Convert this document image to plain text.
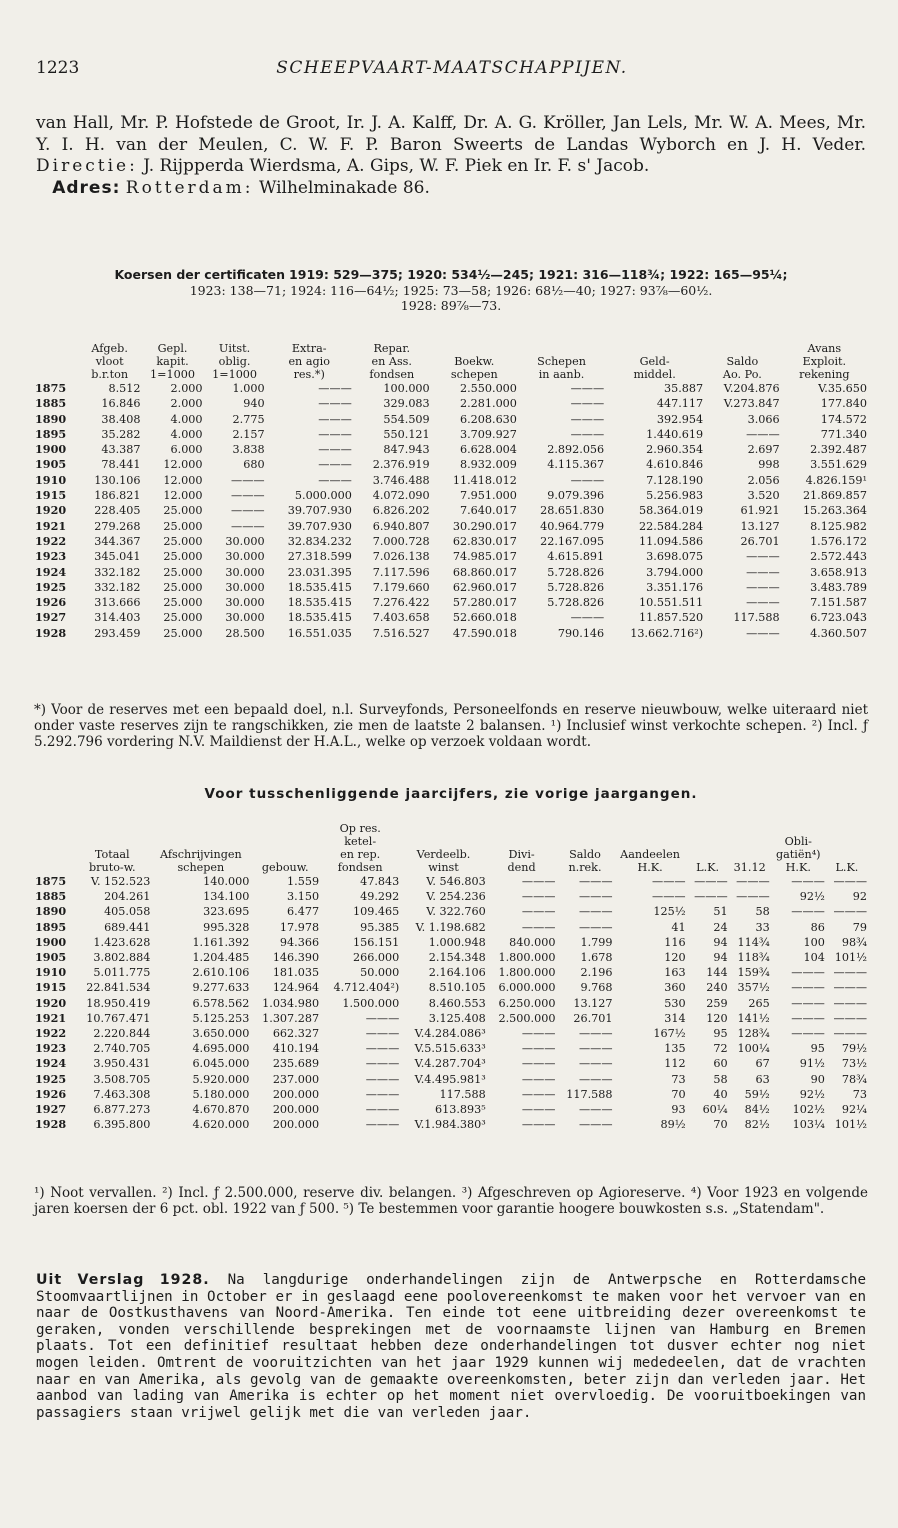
1223	SCHEEPVAART-MAATSCHAPPIJEN.

van Hall, Mr. P. Hofstede de Groot, Ir. J. A. Kalff, Dr. A. G. Kröller, Jan Lels, Mr. W. A. Mees, Mr. Y. I. H. van der Meulen, C. W. F. P. Baron Sweerts de Landas Wyborch en J. H. Veder. Directie: J. Rijpperda Wierdsma, A. Gips, W. F. Piek en Ir. F. s' Jacob.

Adres: Rotterdam: Wilhelminakade 86.

Koersen der certificaten 1919: 529—375; 1920: 534½—245; 1921: 316—118¾; 1922: 165—95¼;
1923: 138—71; 1924: 116—64½; 1925: 73—58; 1926: 68½—40; 1927: 93⅞—60½.
1928: 89⅞—73.
	Afgeb.
vloot
b.r.ton	Gepl.
kapit.
1=1000	Uitst.
oblig.
1=1000	Extra-
en agio
res.*)	Repar.
en Ass.
fondsen	Boekw.
schepen	Schepen
in aanb.	Geld-
middel.	Saldo
Ao. Po.	Avans
Exploit.
rekening
1875	8.512	2.000	1.000	———	100.000	2.550.000	———	35.887	V.204.876	V.35.650
1885	16.846	2.000	940	———	329.083	2.281.000	———	447.117	V.273.847	177.840
1890	38.408	4.000	2.775	———	554.509	6.208.630	———	392.954	3.066	174.572
1895	35.282	4.000	2.157	———	550.121	3.709.927	———	1.440.619	———	771.340
1900	43.387	6.000	3.838	———	847.943	6.628.004	2.892.056	2.960.354	2.697	2.392.487
1905	78.441	12.000	680	———	2.376.919	8.932.009	4.115.367	4.610.846	998	3.551.629
1910	130.106	12.000	———	———	3.746.488	11.418.012	———	7.128.190	2.056	4.826.159¹
1915	186.821	12.000	———	5.000.000	4.072.090	7.951.000	9.079.396	5.256.983	3.520	21.869.857
1920	228.405	25.000	———	39.707.930	6.826.202	7.640.017	28.651.830	58.364.019	61.921	15.263.364
1921	279.268	25.000	———	39.707.930	6.940.807	30.290.017	40.964.779	22.584.284	13.127	8.125.982
1922	344.367	25.000	30.000	32.834.232	7.000.728	62.830.017	22.167.095	11.094.586	26.701	1.576.172
1923	345.041	25.000	30.000	27.318.599	7.026.138	74.985.017	4.615.891	3.698.075	———	2.572.443
1924	332.182	25.000	30.000	23.031.395	7.117.596	68.860.017	5.728.826	3.794.000	———	3.658.913
1925	332.182	25.000	30.000	18.535.415	7.179.660	62.960.017	5.728.826	3.351.176	———	3.483.789
1926	313.666	25.000	30.000	18.535.415	7.276.422	57.280.017	5.728.826	10.551.511	———	7.151.587
1927	314.403	25.000	30.000	18.535.415	7.403.658	52.660.018	———	11.857.520	117.588	6.723.043
1928	293.459	25.000	28.500	16.551.035	7.516.527	47.590.018	790.146	13.662.716²)	———	4.360.507

*) Voor de reserves met een bepaald doel, n.l. Surveyfonds, Personeelfonds en reserve nieuwbouw, welke uiteraard niet onder vaste reserves zijn te rangschikken, zie men de laatste 2 balansen. ¹) Inclusief winst verkochte schepen. ²) Incl. ƒ 5.292.796 vordering N.V. Maildienst der H.A.L., welke op verzoek voldaan wordt.

Voor tusschenliggende jaarcijfers, zie vorige jaargangen.
	Totaal
bruto-w.	Afschrijvingen
schepen	
gebouw.	Op res.
ketel-
en rep.
fondsen	Verdeelb.
winst	Divi-
dend	Saldo
n.rek.	Aandeelen
H.K.	
L.K.	
31.12	Obli-
gatiën⁴)
H.K.	
L.K.
1875	V. 152.523	140.000	1.559	47.843	V. 546.803	———	———	———	———	———	———	———
1885	204.261	134.100	3.150	49.292	V. 254.236	———	———	———	———	———	92½	92
1890	405.058	323.695	6.477	109.465	V. 322.760	———	———	125½	51	58	———	———
1895	689.441	995.328	17.978	95.385	V. 1.198.682	———	———	41	24	33	86	79
1900	1.423.628	1.161.392	94.366	156.151	1.000.948	840.000	1.799	116	94	114¾	100	98¾
1905	3.802.884	1.204.485	146.390	266.000	2.154.348	1.800.000	1.678	120	94	118¾	104	101½
1910	5.011.775	2.610.106	181.035	50.000	2.164.106	1.800.000	2.196	163	144	159¾	———	———
1915	22.841.534	9.277.633	124.964	4.712.404²)	8.510.105	6.000.000	9.768	360	240	357½	———	———
1920	18.950.419	6.578.562	1.034.980	1.500.000	8.460.553	6.250.000	13.127	530	259	265	———	———
1921	10.767.471	5.125.253	1.307.287	———	3.125.408	2.500.000	26.701	314	120	141½	———	———
1922	2.220.844	3.650.000	662.327	———	V.4.284.086³	———	———	167½	95	128¾	———	———
1923	2.740.705	4.695.000	410.194	———	V.5.515.633³	———	———	135	72	100¼	95	79½
1924	3.950.431	6.045.000	235.689	———	V.4.287.704³	———	———	112	60	67	91½	73½
1925	3.508.705	5.920.000	237.000	———	V.4.495.981³	———	———	73	58	63	90	78¾
1926	7.463.308	5.180.000	200.000	———	117.588	———	117.588	70	40	59½	92½	73
1927	6.877.273	4.670.870	200.000	———	613.893⁵	———	———	93	60¼	84½	102½	92¼
1928	6.395.800	4.620.000	200.000	———	V.1.984.380³	———	———	89½	70	82½	103¼	101½

¹) Noot vervallen. ²) Incl. ƒ 2.500.000, reserve div. belangen. ³) Afgeschreven op Agioreserve. ⁴) Voor 1923 en volgende jaren koersen der 6 pct. obl. 1922 van ƒ 500. ⁵) Te bestemmen voor garantie hoogere bouwkosten s.s. „Statendam".

Uit Verslag 1928. Na langdurige onderhandelingen zijn de Antwerpsche en Rotterdamsche Stoomvaartlijnen in October er in geslaagd eene poolovereenkomst te maken voor het vervoer van en naar de Oostkusthavens van Noord-Amerika. Ten einde tot eene uitbreiding dezer overeenkomst te geraken, vonden verschillende besprekingen met de voornaamste lijnen van Hamburg en Bremen plaats. Tot een definitief resultaat hebben deze onderhandelingen tot dusver echter nog niet mogen leiden. Omtrent de vooruitzichten van het jaar 1929 kunnen wij mededeelen, dat de vrachten naar en van Amerika, als gevolg van de gemaakte overeenkomsten, beter zijn dan verleden jaar. Het aanbod van lading van Amerika is echter op het moment niet overvloedig. De vooruitboekingen van passagiers staan vrijwel gelijk met die van verleden jaar.
